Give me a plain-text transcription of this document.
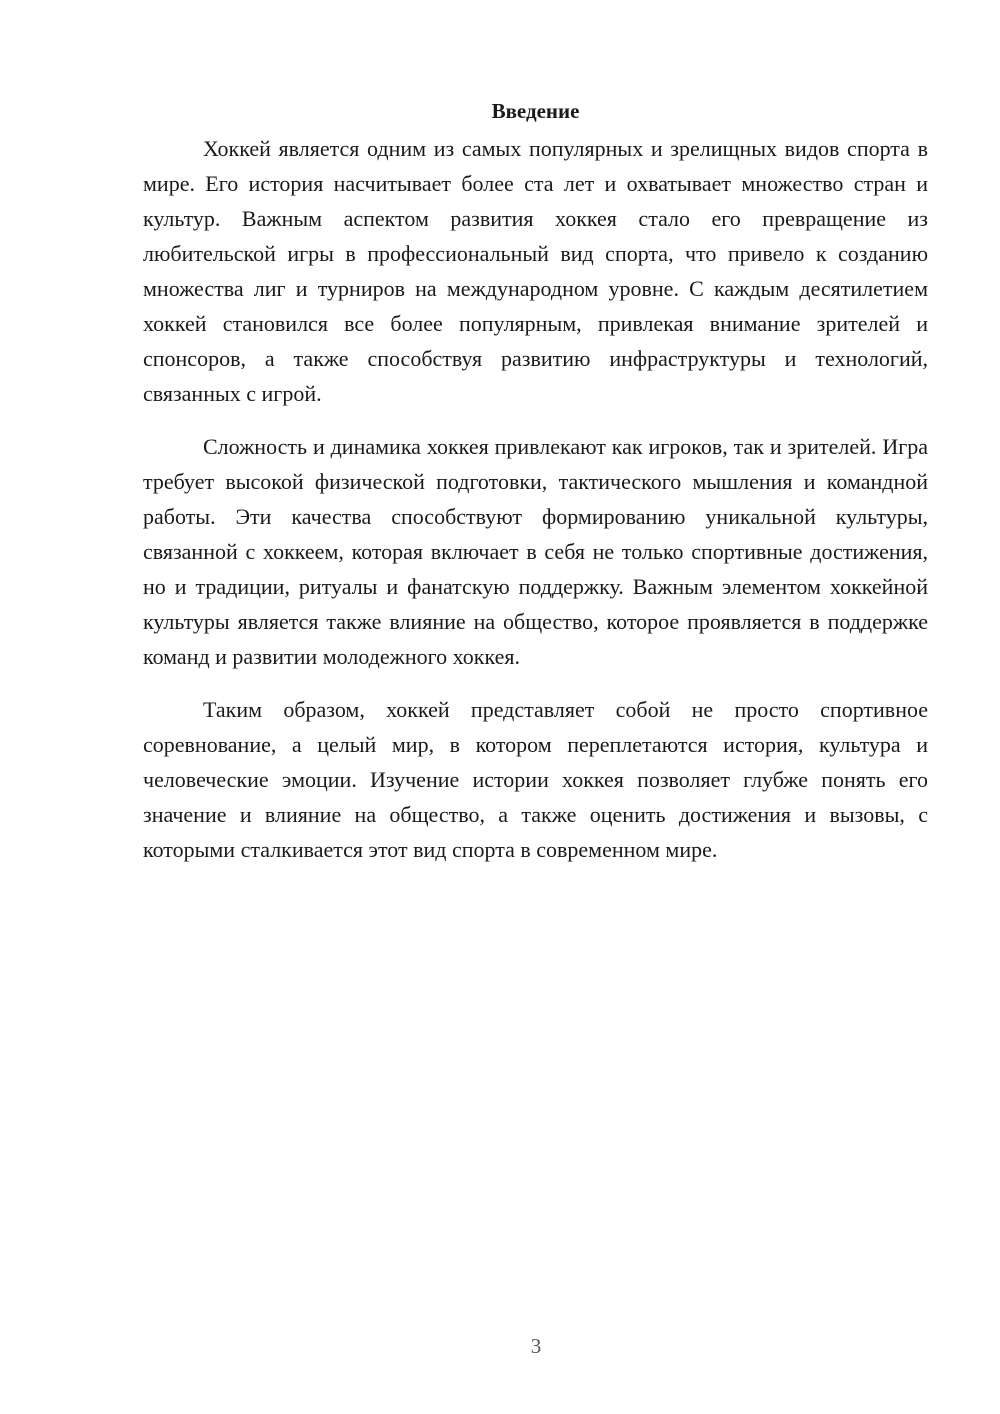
Введение

Хоккей является одним из самых популярных и зрелищных видов спорта в мире. Его история насчитывает более ста лет и охватывает множество стран и культур. Важным аспектом развития хоккея стало его превращение из любительской игры в профессиональный вид спорта, что привело к созданию множества лиг и турниров на международном уровне. С каждым десятилетием хоккей становился все более популярным, привлекая внимание зрителей и спонсоров, а также способствуя развитию инфраструктуры и технологий, связанных с игрой.

Сложность и динамика хоккея привлекают как игроков, так и зрителей. Игра требует высокой физической подготовки, тактического мышления и командной работы. Эти качества способствуют формированию уникальной культуры, связанной с хоккеем, которая включает в себя не только спортивные достижения, но и традиции, ритуалы и фанатскую поддержку. Важным элементом хоккейной культуры является также влияние на общество, которое проявляется в поддержке команд и развитии молодежного хоккея.

Таким образом, хоккей представляет собой не просто спортивное соревнование, а целый мир, в котором переплетаются история, культура и человеческие эмоции. Изучение истории хоккея позволяет глубже понять его значение и влияние на общество, а также оценить достижения и вызовы, с которыми сталкивается этот вид спорта в современном мире.

3
